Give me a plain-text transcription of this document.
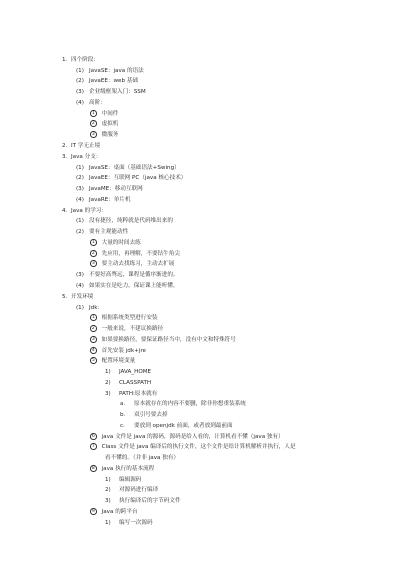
1. 四个阶段：
(1) JavaSE：java 的语法
(2) JavaEE：web 基础
(3) 企业级框架入门：SSM
(4) 高阶：
1 中间件
2 虚拟机
3 微服务
2. IT 学无止境
3. Java 分支：
(1) JavaSE：桌面（基础语法+Swing）
(2) JavaEE：互联网 PC（java 核心技术）
(3) JavaME：移动互联网
(4) JavaRE：单片机
4. Java 的学习：
(1) 没有捷径，纯粹就是代码堆出来的
(2) 要有主观能动性
1 大量的时间去练
2 先应用，再理解，不要钻牛角尖
3 要主动去找练习，主动去扩展
(3) 不要好高骛远，课程是循序渐进的。
(4) 如果实在是吃力，保证课上能听懂。
5. 开发环境
(1) Jdk：
1 根据系统类型进行安装
2 一般来说，不建议换路径
3 如果要换路径，要保证路径当中，没有中文和特殊符号
4 首先安装 jdk+jre
5 配置环境变量
1) JAVA_HOME
2) CLASSPATH
3) PATH:原本就有
a. 原本就存在的内容不要删，除非你想重装系统
b. 双引号要去掉
c. 要放到 openjdk 前面，或者放到最前面
6 java 文件是 java 的源码，源码是给人看的，计算机看不懂（java 独有）
7 Class 文件是 java 编译后的执行文件，这个文件是给计算机解析并执行，人是
看不懂的。（并非 java 独有）
8 java 执行的基本流程
1) 编辑源码
2) 对源码进行编译
3) 执行编译后的字节码文件
9 Java 的跨平台
1) 编写一次源码
